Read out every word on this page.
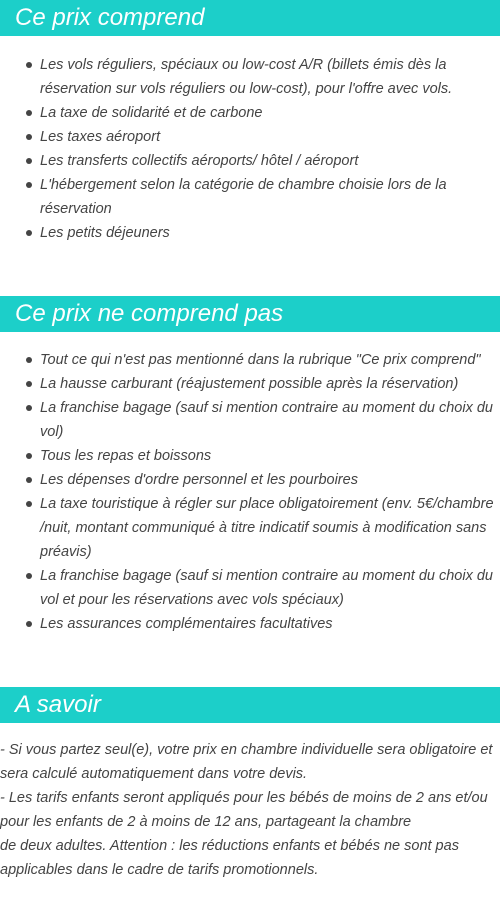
Ce prix comprend
Les vols réguliers, spéciaux ou low-cost A/R (billets émis dès la réservation sur vols réguliers ou low-cost), pour l'offre avec vols.
La taxe de solidarité et de carbone
Les taxes aéroport
Les transferts collectifs aéroports/ hôtel / aéroport
L'hébergement selon la catégorie de chambre choisie lors de la réservation
Les petits déjeuners
Ce prix ne comprend pas
Tout ce qui n'est pas mentionné dans la rubrique "Ce prix comprend"
La hausse carburant (réajustement possible après la réservation)
La franchise bagage (sauf si mention contraire au moment du choix du vol)
Tous les repas et boissons
Les dépenses d'ordre personnel et les pourboires
La taxe touristique à régler sur place obligatoirement (env. 5€/chambre /nuit, montant communiqué à titre indicatif soumis à modification sans préavis)
La franchise bagage (sauf si mention contraire au moment du choix du vol et pour les réservations avec vols spéciaux)
Les assurances complémentaires facultatives
A savoir
- Si vous partez seul(e), votre prix en chambre individuelle sera obligatoire et sera calculé automatiquement dans votre devis.
- Les tarifs enfants seront appliqués pour les bébés de moins de 2 ans et/ou pour les enfants de 2 à moins de 12 ans, partageant la chambre
de deux adultes. Attention : les réductions enfants et bébés ne sont pas applicables dans le cadre de tarifs promotionnels.
